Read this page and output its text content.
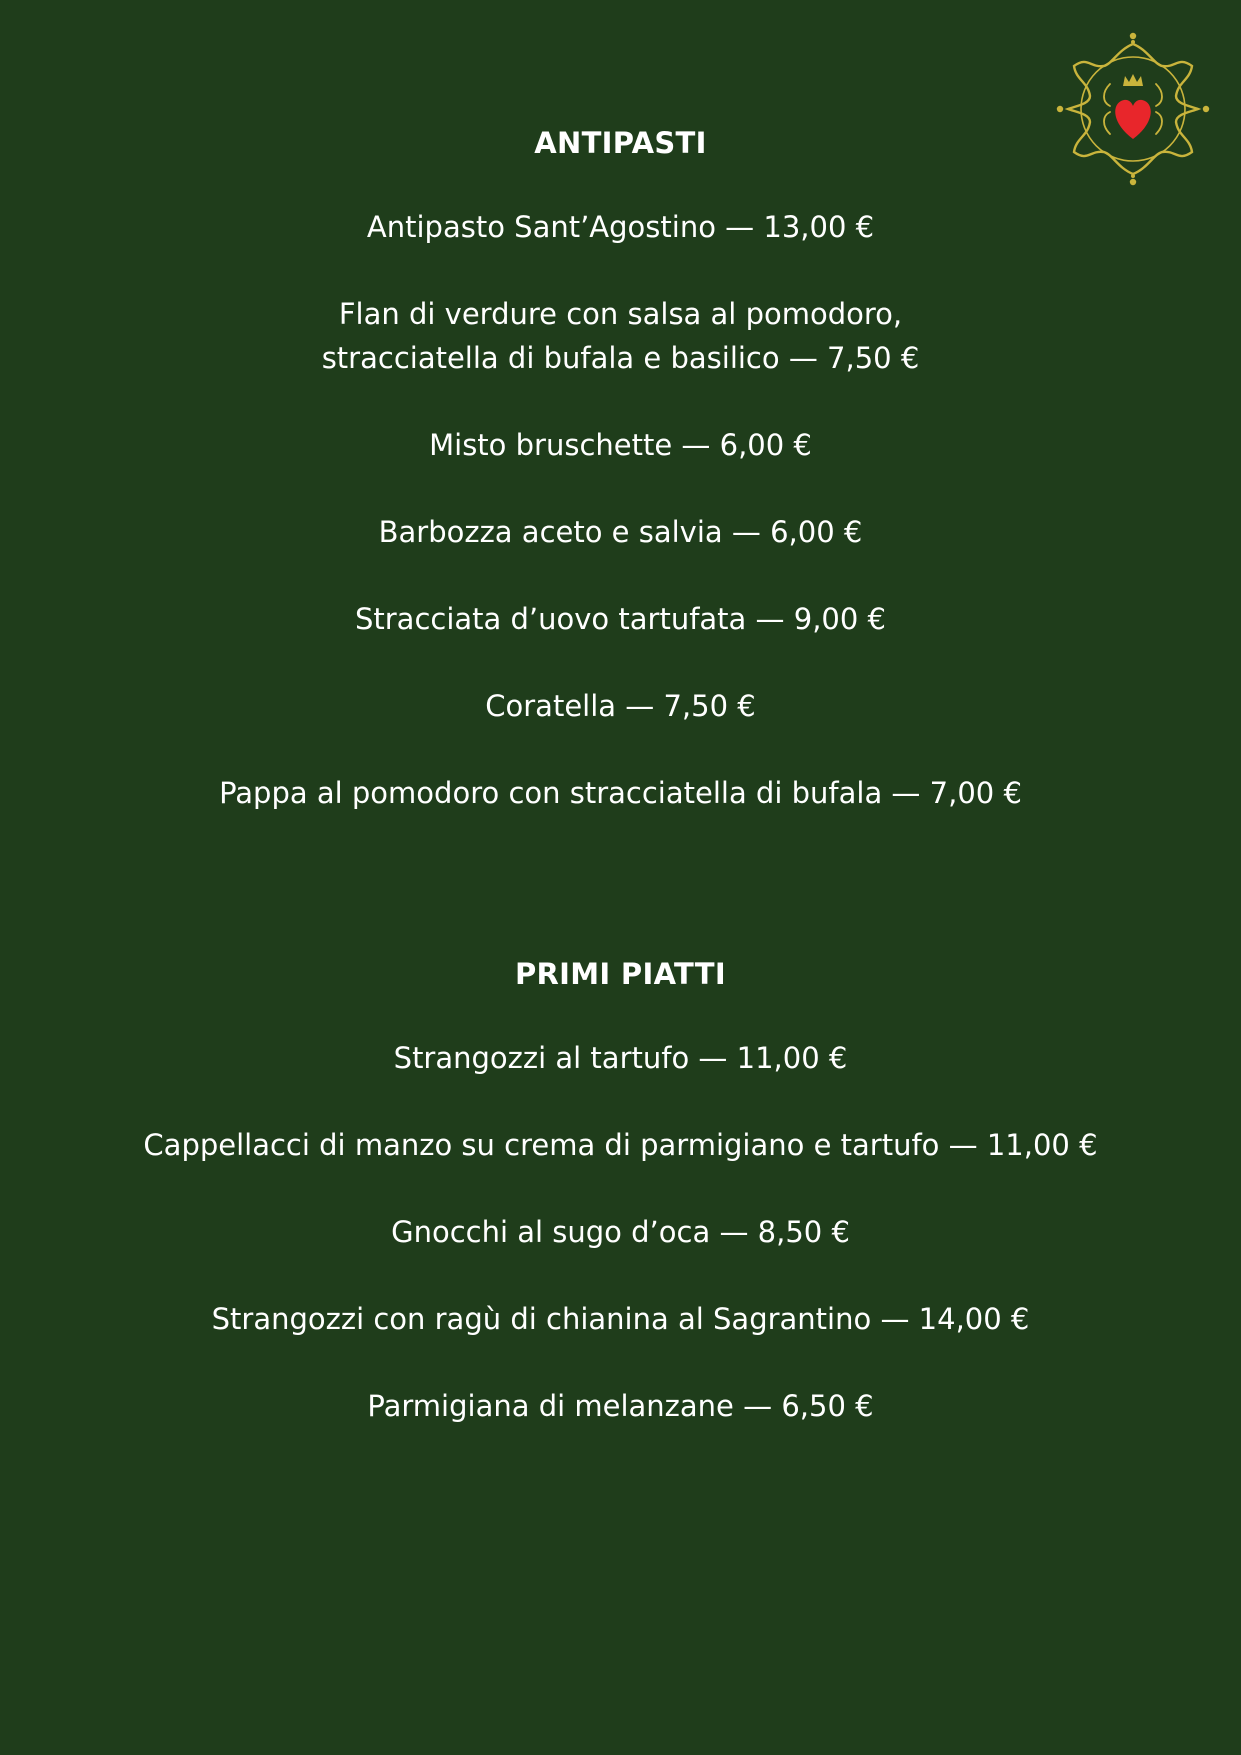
ANTIPASTI
Antipasto Sant’Agostino — 13,00 €
Flan di verdure con salsa al pomodoro,
stracciatella di bufala e basilico — 7,50 €
Misto bruschette — 6,00 €
Barbozza aceto e salvia — 6,00 €
Stracciata d’uovo tartufata — 9,00 €
Coratella — 7,50 €
Pappa al pomodoro con stracciatella di bufala — 7,00 €
PRIMI PIATTI
Strangozzi al tartufo — 11,00 €
Cappellacci di manzo su crema di parmigiano e tartufo — 11,00 €
Gnocchi al sugo d’oca — 8,50 €
Strangozzi con ragù di chianina al Sagrantino — 14,00 €
Parmigiana di melanzane — 6,50 €
